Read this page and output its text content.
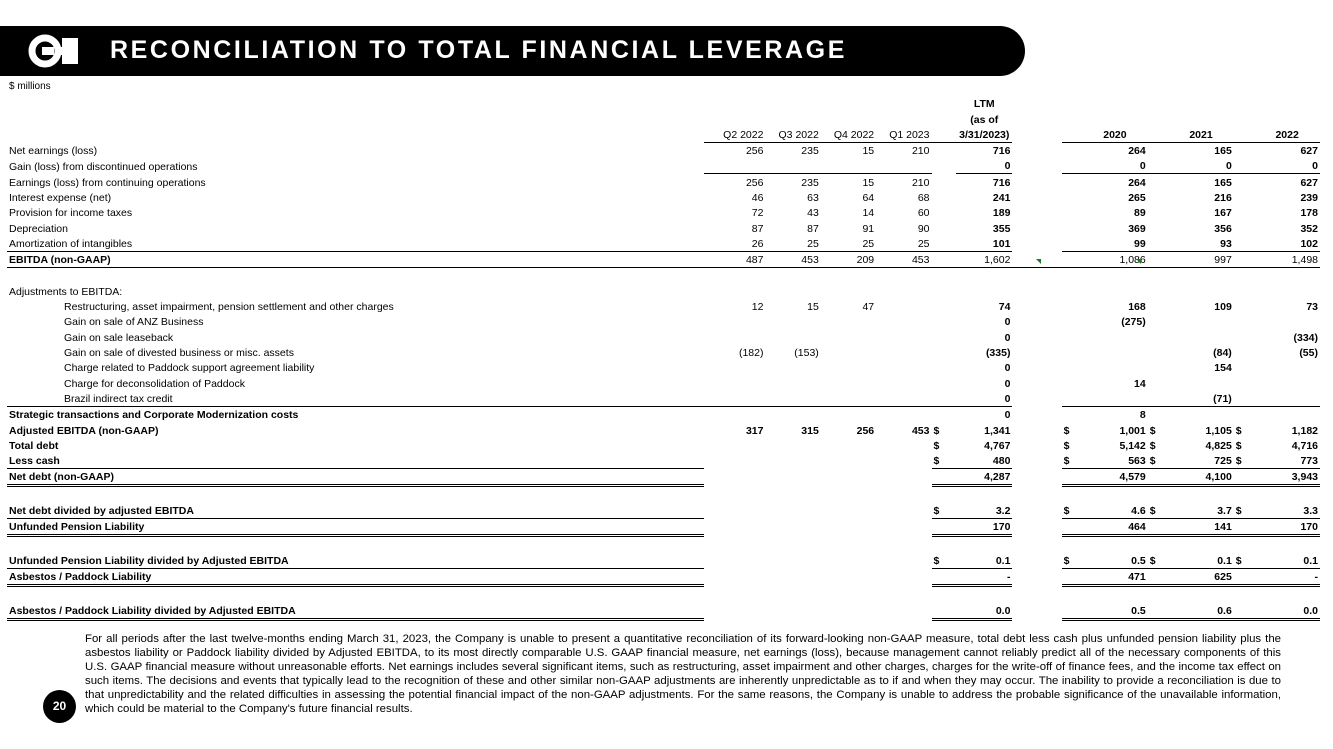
RECONCILIATION TO TOTAL FINANCIAL LEVERAGE
$ millions
						LTM							
						(as of							
	Q2 2022	Q3 2022	Q4 2022	Q1 2023		3/31/2023)			2020		2021		2022
Net earnings (loss)	256	235	15	210		716			264		165		627
Gain (loss) from discontinued operations						0			0		0		0
Earnings (loss) from continuing operations	256	235	15	210		716			264		165		627
Interest expense (net)	46	63	64	68		241			265		216		239
Provision for income taxes	72	43	14	60		189			89		167		178
Depreciation	87	87	91	90		355			369		356		352
Amortization of intangibles	26	25	25	25		101			99		93		102
EBITDA (non-GAAP)	487	453	209	453		1,602			1,086		997		1,498

Adjustments to EBITDA:													
Restructuring, asset impairment, pension settlement and other charges	12	15	47			74			168		109		73
Gain on sale of ANZ Business						0			(275)				
Gain on sale leaseback						0							(334)
Gain on sale of divested business or misc. assets	(182)	(153)				(335)					(84)		(55)
Charge related to Paddock support agreement liability						0					154		
Charge for deconsolidation of Paddock						0			14				
Brazil indirect tax credit						0					(71)		
Strategic transactions and Corporate Modernization costs						0			8				
Adjusted EBITDA (non-GAAP)	317	315	256	453	$	1,341		$	1,001	$	1,105	$	1,182
Total debt					$	4,767		$	5,142	$	4,825	$	4,716
Less cash					$	480		$	563	$	725	$	773
Net debt (non-GAAP)						4,287			4,579		4,100		3,943

Net debt divided by adjusted EBITDA					$	3.2		$	4.6	$	3.7	$	3.3
Unfunded Pension Liability						170			464		141		170

Unfunded Pension Liability divided by Adjusted EBITDA					$	0.1		$	0.5	$	0.1	$	0.1
Asbestos / Paddock Liability						-			471		625		-

Asbestos / Paddock Liability divided by Adjusted EBITDA						0.0			0.5		0.6		0.0
20
For all periods after the last twelve-months ending March 31, 2023, the Company is unable to present a quantitative reconciliation of its forward-looking non-GAAP measure, total debt less cash plus unfunded pension liability plus the asbestos liability or Paddock liability divided by Adjusted EBITDA, to its most directly comparable U.S. GAAP financial measure, net earnings (loss), because management cannot reliably predict all of the necessary components of this U.S. GAAP financial measure without unreasonable efforts. Net earnings includes several significant items, such as restructuring, asset impairment and other charges, charges for the write-off of finance fees, and the income tax effect on such items. The decisions and events that typically lead to the recognition of these and other similar non-GAAP adjustments are inherently unpredictable as to if and when they may occur. The inability to provide a reconciliation is due to that unpredictability and the related difficulties in assessing the potential financial impact of the non-GAAP adjustments. For the same reasons, the Company is unable to address the probable significance of the unavailable information, which could be material to the Company's future financial results.
